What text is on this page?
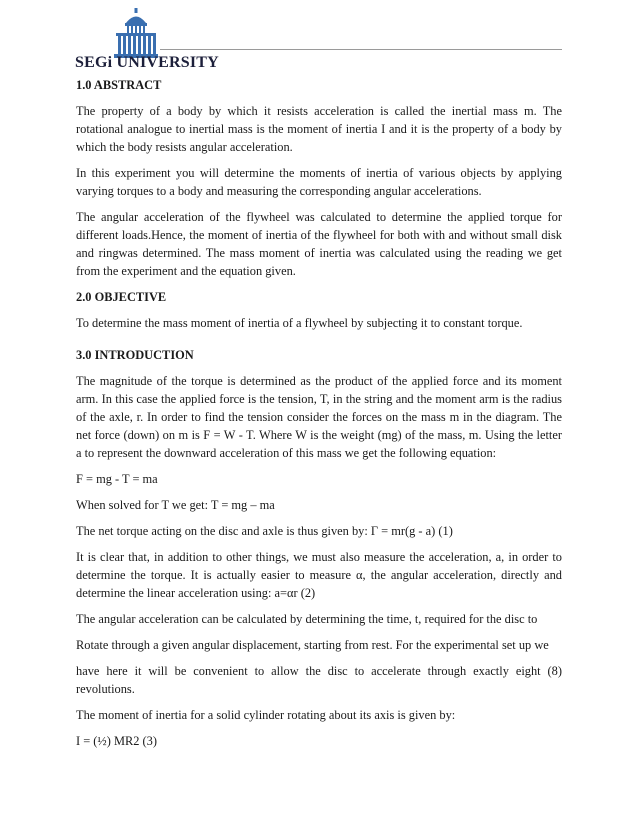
SEGi UNIVERSITY
1.0 ABSTRACT

The property of a body by which it resists acceleration is called the inertial mass m. The rotational analogue to inertial mass is the moment of inertia I and it is the property of a body by which the body resists angular acceleration.

In this experiment you will determine the moments of inertia of various objects by applying varying torques to a body and measuring the corresponding angular accelerations.

The angular acceleration of the flywheel was calculated to determine the applied torque for different loads.Hence, the moment of inertia of the flywheel for both with and without small disk and ringwas determined. The mass moment of inertia was calculated using the reading we get from the experiment and the equation given.

2.0 OBJECTIVE

To determine the mass moment of inertia of a flywheel by subjecting it to constant torque.

3.0 INTRODUCTION

The magnitude of the torque is determined as the product of the applied force and its moment arm. In this case the applied force is the tension, T, in the string and the moment arm is the radius of the axle, r. In order to find the tension consider the forces on the mass m in the diagram. The net force (down) on m is F = W - T. Where W is the weight (mg) of the mass, m. Using the letter a to represent the downward acceleration of this mass we get the following equation:

F = mg - T = ma

When solved for T we get: T = mg – ma

The net torque acting on the disc and axle is thus given by: Γ = mr(g - a) (1)

It is clear that, in addition to other things, we must also measure the acceleration, a, in order to determine the torque. It is actually easier to measure α, the angular acceleration, directly and determine the linear acceleration using: a=αr (2)

The angular acceleration can be calculated by determining the time, t, required for the disc to

Rotate through a given angular displacement, starting from rest. For the experimental set up we

have here it will be convenient to allow the disc to accelerate through exactly eight (8) revolutions.

The moment of inertia for a solid cylinder rotating about its axis is given by:

I = (½) MR2 (3)
